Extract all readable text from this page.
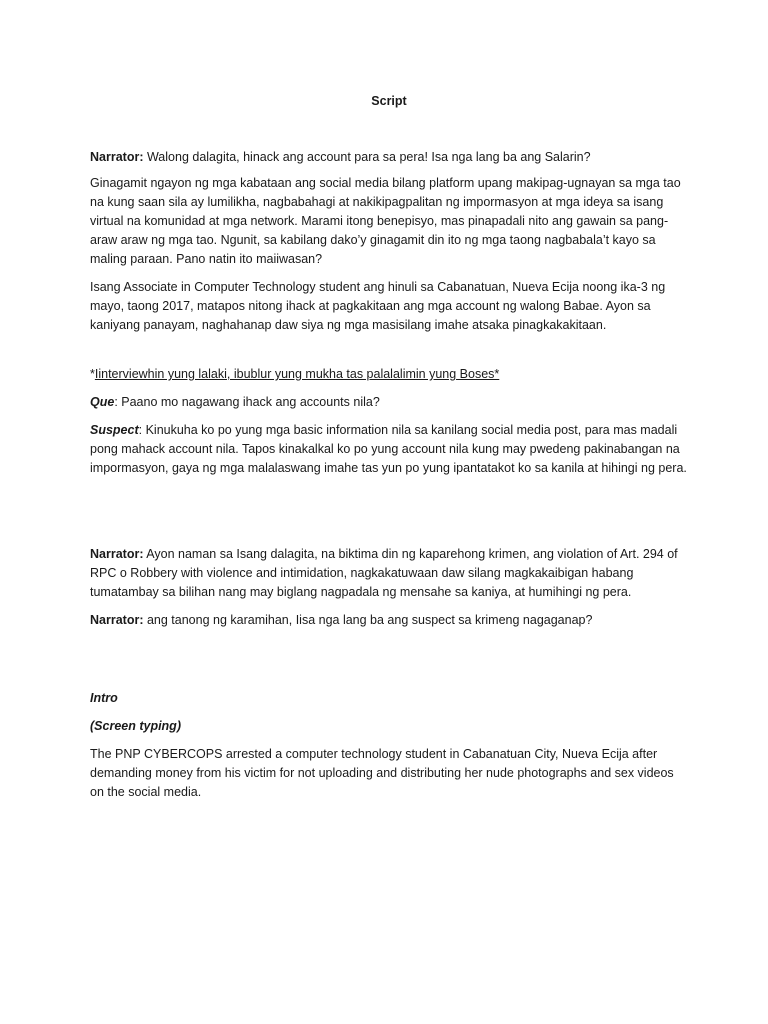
Script

Narrator: Walong dalagita, hinack ang account para sa pera! Isa nga lang ba ang Salarin?

Ginagamit ngayon ng mga kabataan ang social media bilang platform upang makipag-ugnayan sa mga tao na kung saan sila ay lumilikha, nagbabahagi at nakikipagpalitan ng impormasyon at mga ideya sa isang virtual na komunidad at mga network. Marami itong benepisyo, mas pinapadali nito ang gawain sa pang-araw araw ng mga tao. Ngunit, sa kabilang dako’y ginagamit din ito ng mga taong nagbabala’t kayo sa maling paraan. Pano natin ito maiiwasan?

Isang Associate in Computer Technology student ang hinuli sa Cabanatuan, Nueva Ecija noong ika-3 ng mayo, taong 2017, matapos nitong ihack at pagkakitaan ang mga account ng walong Babae. Ayon sa kaniyang panayam, naghahanap daw siya ng mga masisilang imahe atsaka pinagkakakitaan.

*Iinterviewhin yung lalaki, ibublur yung mukha tas palalalimin yung Boses*

Que: Paano mo nagawang ihack ang accounts nila?

Suspect: Kinukuha ko po yung mga basic information nila sa kanilang social media post, para mas madali pong mahack account nila. Tapos kinakalkal ko po yung account nila kung may pwedeng pakinabangan na impormasyon, gaya ng mga malalaswang imahe tas yun po yung ipantatakot ko sa kanila at hihingi ng pera.

Narrator: Ayon naman sa Isang dalagita, na biktima din ng kaparehong krimen, ang violation of Art. 294 of RPC o Robbery with violence and intimidation, nagkakatuwaan daw silang magkakaibigan habang tumatambay sa bilihan nang may biglang nagpadala ng mensahe sa kaniya, at humihingi ng pera.

Narrator: ang tanong ng karamihan, Iisa nga lang ba ang suspect sa krimeng nagaganap?

Intro

(Screen typing)

The PNP CYBERCOPS arrested a computer technology student in Cabanatuan City, Nueva Ecija after demanding money from his victim for not uploading and distributing her nude photographs and sex videos on the social media.
